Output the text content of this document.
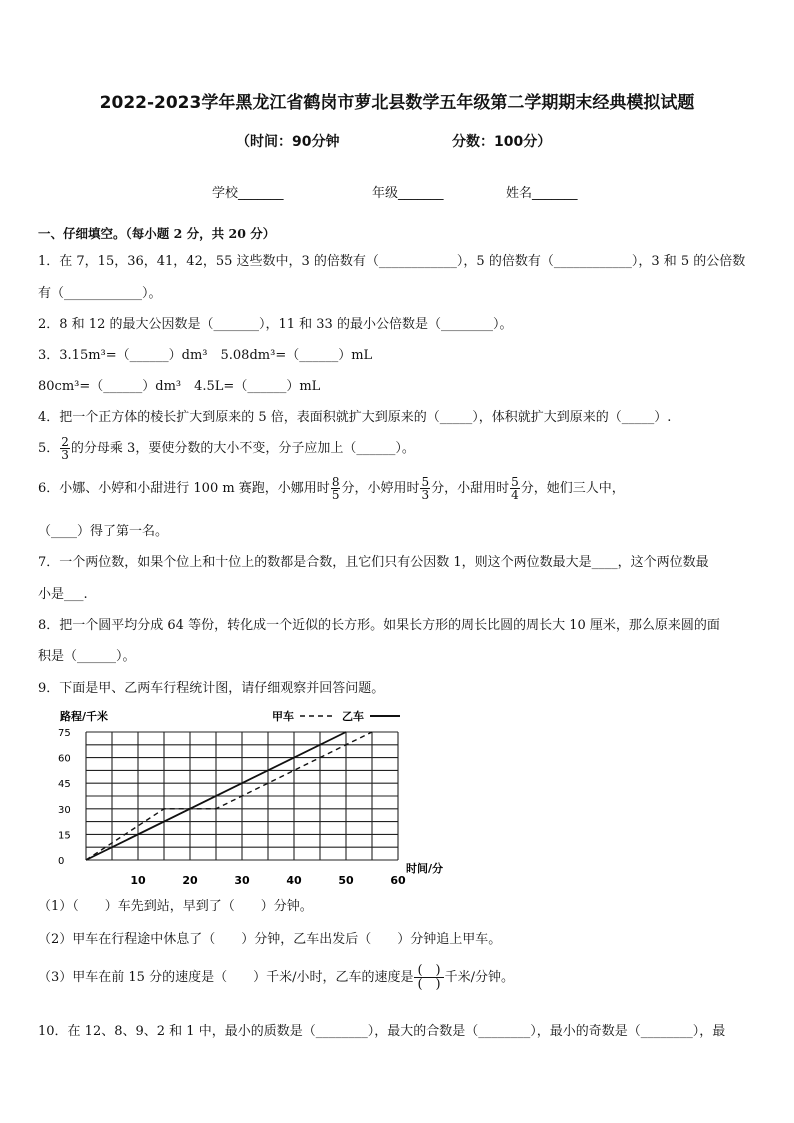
2022-2023学年黑龙江省鹤岗市萝北县数学五年级第二学期期末经典模拟试题
（时间：90分钟	分数：100分）
学校_______	年级_______	姓名_______
一、仔细填空。（每小题 2 分，共 20 分）
1．在 7，15，36，41，42，55 这些数中，3 的倍数有（____________），5 的倍数有（____________），3 和 5 的公倍数
有（____________）。
2．8 和 12 的最大公因数是（_______），11 和 33 的最小公倍数是（________）。
3．3.15m³=（______）dm³　5.08dm³=（______）mL
80cm³=（______）dm³　4.5L=（______）mL
4．把一个正方体的棱长扩大到原来的 5 倍，表面积就扩大到原来的（_____），体积就扩大到原来的（_____）.
5． $\frac{2}{3}$ 的分母乘 3，要使分数的大小不变，分子应加上（______）。
6．小娜、小婷和小甜进行 100 m 赛跑，小娜用时 $\frac{8}{5}$ 分，小婷用时 $\frac{5}{3}$ 分，小甜用时 $\frac{5}{4}$ 分，她们三人中，
（____）得了第一名。
7．一个两位数，如果个位上和十位上的数都是合数，且它们只有公因数 1，则这个两位数最大是____，这个两位数最
小是___.
8．把一个圆平均分成 64 等份，转化成一个近似的长方形。如果长方形的周长比圆的周长大 10 厘米，那么原来圆的面
积是（______）。
9．下面是甲、乙两车行程统计图，请仔细观察并回答问题。
0
15
30
45
60
75
10	20	30	40	50	60
路程/千米
时间/分
甲车	乙车
（1）（　　）车先到站，早到了（　　）分钟。
（2）甲车在行程途中休息了（　　）分钟，乙车出发后（　　）分钟追上甲车。
（3）甲车在前 15 分的速度是（　　）千米/小时，乙车的速度是 $\frac{( )}{( )}$ 千米/分钟。
10．在 12、8、9、2 和 1 中，最小的质数是（________），最大的合数是（________），最小的奇数是（________），最
